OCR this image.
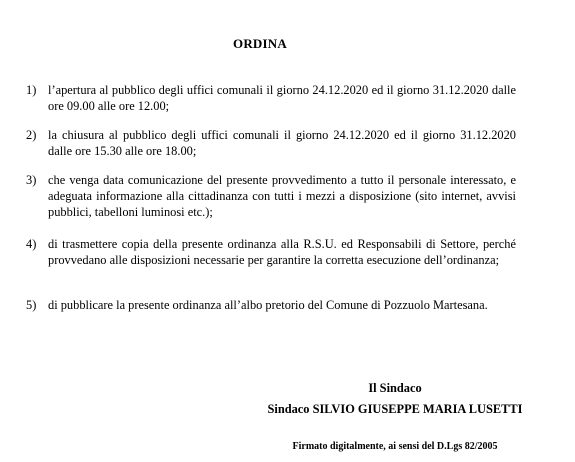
ORDINA
1) l’apertura al pubblico degli uffici comunali il giorno 24.12.2020 ed il giorno 31.12.2020 dalle ore 09.00 alle ore 12.00;
2) la chiusura al pubblico degli uffici comunali il giorno 24.12.2020 ed il giorno 31.12.2020 dalle ore 15.30 alle ore 18.00;
3) che venga data comunicazione del presente provvedimento a tutto il personale interessato, e adeguata informazione alla cittadinanza con tutti i mezzi a disposizione (sito internet, avvisi pubblici, tabelloni luminosi etc.);
4) di trasmettere copia della presente ordinanza alla R.S.U. ed Responsabili di Settore, perché provvedano alle disposizioni necessarie per garantire la corretta esecuzione dell’ordinanza;
5) di pubblicare la presente ordinanza all’albo pretorio del Comune di Pozzuolo Martesana.
Il Sindaco
Sindaco SILVIO GIUSEPPE MARIA LUSETTI
Firmato digitalmente, ai sensi del D.Lgs 82/2005
